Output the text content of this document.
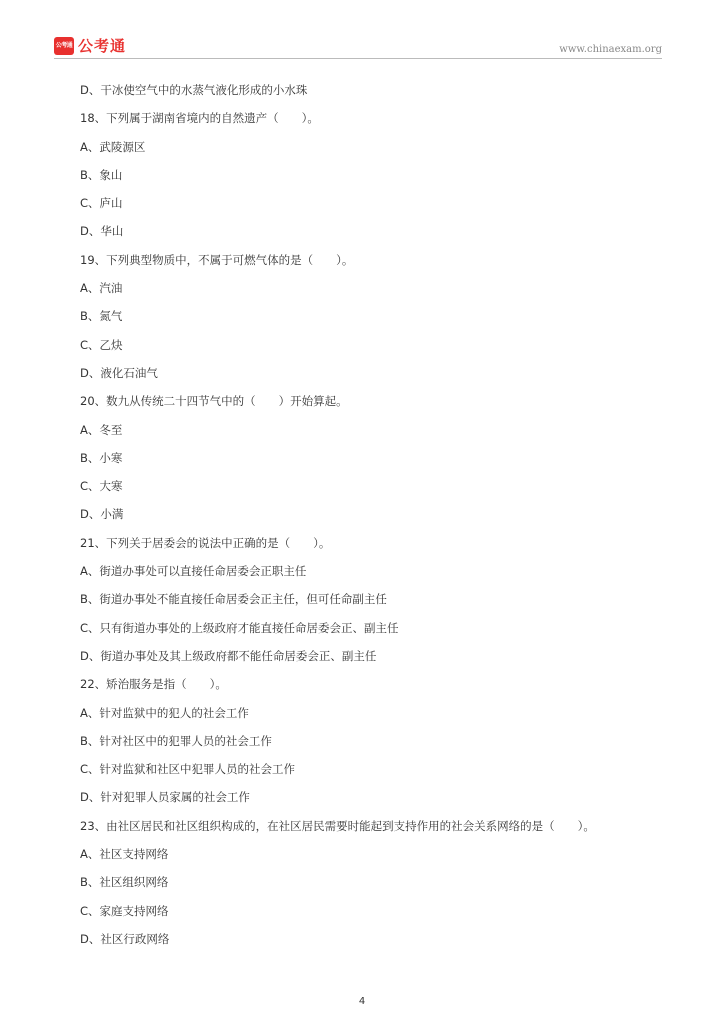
公考通 公考通	www.chinaexam.org
D、干冰使空气中的水蒸气液化形成的小水珠
18、下列属于湖南省境内的自然遗产（　　）。
A、武陵源区
B、象山
C、庐山
D、华山
19、下列典型物质中，不属于可燃气体的是（　　）。
A、汽油
B、氮气
C、乙炔
D、液化石油气
20、数九从传统二十四节气中的（　　）开始算起。
A、冬至
B、小寒
C、大寒
D、小满
21、下列关于居委会的说法中正确的是（　　）。
A、街道办事处可以直接任命居委会正职主任
B、街道办事处不能直接任命居委会正主任，但可任命副主任
C、只有街道办事处的上级政府才能直接任命居委会正、副主任
D、街道办事处及其上级政府都不能任命居委会正、副主任
22、矫治服务是指（　　）。
A、针对监狱中的犯人的社会工作
B、针对社区中的犯罪人员的社会工作
C、针对监狱和社区中犯罪人员的社会工作
D、针对犯罪人员家属的社会工作
23、由社区居民和社区组织构成的，在社区居民需要时能起到支持作用的社会关系网络的是（　　）。
A、社区支持网络
B、社区组织网络
C、家庭支持网络
D、社区行政网络
4
